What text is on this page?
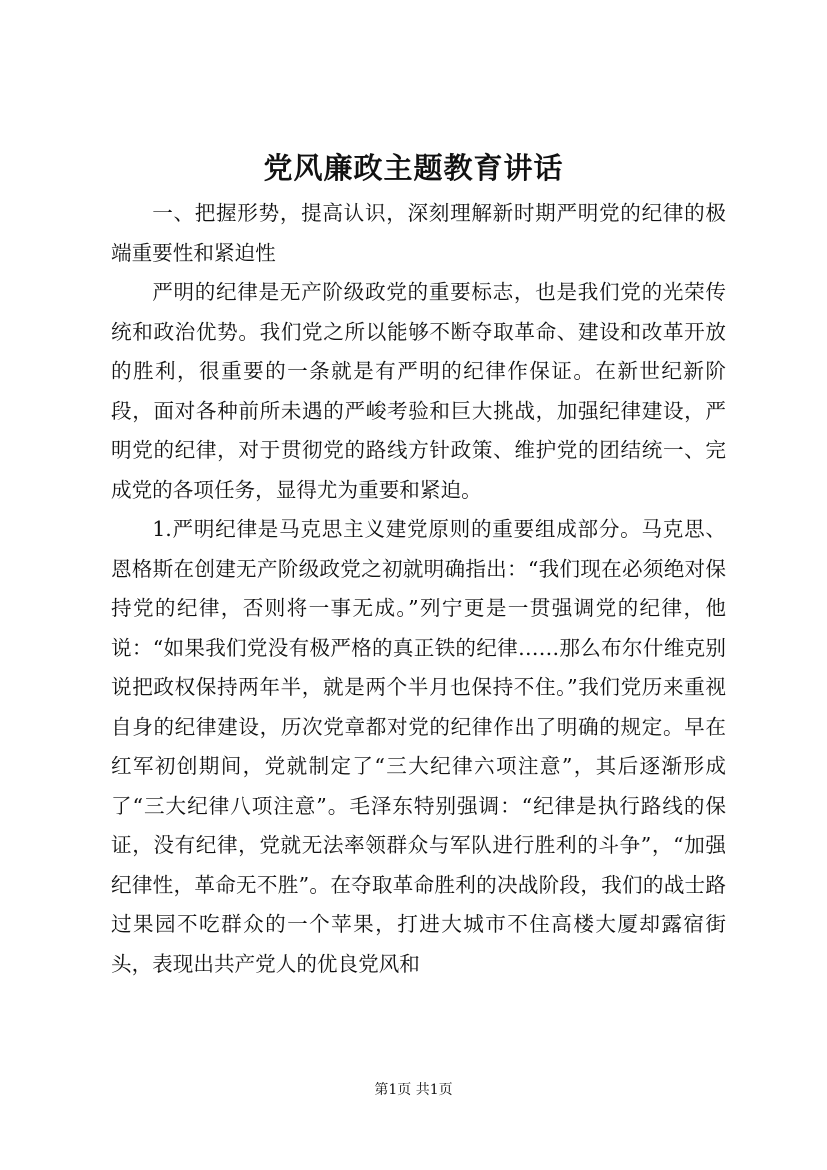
党风廉政主题教育讲话

一、把握形势，提高认识，深刻理解新时期严明党的纪律的极端重要性和紧迫性

严明的纪律是无产阶级政党的重要标志，也是我们党的光荣传统和政治优势。我们党之所以能够不断夺取革命、建设和改革开放的胜利，很重要的一条就是有严明的纪律作保证。在新世纪新阶段，面对各种前所未遇的严峻考验和巨大挑战，加强纪律建设，严明党的纪律，对于贯彻党的路线方针政策、维护党的团结统一、完成党的各项任务，显得尤为重要和紧迫。

1.严明纪律是马克思主义建党原则的重要组成部分。马克思、恩格斯在创建无产阶级政党之初就明确指出：“我们现在必须绝对保持党的纪律，否则将一事无成。”列宁更是一贯强调党的纪律，他说：“如果我们党没有极严格的真正铁的纪律……那么布尔什维克别说把政权保持两年半，就是两个半月也保持不住。”我们党历来重视自身的纪律建设，历次党章都对党的纪律作出了明确的规定。早在红军初创期间，党就制定了“三大纪律六项注意”，其后逐渐形成了“三大纪律八项注意”。毛泽东特别强调：“纪律是执行路线的保证，没有纪律，党就无法率领群众与军队进行胜利的斗争”，“加强纪律性，革命无不胜”。在夺取革命胜利的决战阶段，我们的战士路过果园不吃群众的一个苹果，打进大城市不住高楼大厦却露宿街头，表现出共产党人的优良党风和

第1页 共1页
